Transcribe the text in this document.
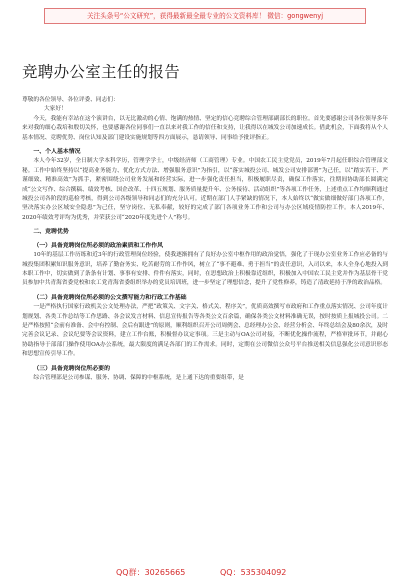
关注头条号“公文研究”，获得最新最全最专业的公文资料库！ 微信：gongwenyj
竞聘办公室主任的报告

尊敬的各位领导、各位评委、同志们：

大家好！

今天，我能有幸站在这个演讲台，以无比激动的心情、饱满的热情、坚定的信心竞聘综合管理部副部长的职位。首先要感谢公司各位领导多年来对我的细心栽培和殷切关怀，也要感谢各位同事们一直以来对我工作的信任和支持，让我得以在城发公司加速成长。借此机会，下面我将从个人基本情况、竞聘优势、岗位认知及部门建设实施规划等四方面展示，恳请领导、同事给予批评指正。

一、个人基本情况

本人今年32岁，全日制大学本科学历，管理学学士，中级经济师（工商管理）专业。中国农工民主党党员，2019年7月起任职综合管理部文秘。工作中始终坚持以“提高业务能力、优化方式方法、增强服务意识”为指引，以“落实城投公司、城发公司安排部署”为己任，以“踏实苦干、严谨细致、精准高效”为抓手，紧密围绕公司业务发展和经营实际，进一步强化责任担当，积极履职尽责，确保工作落实，往期间协助部长圆满完成“公文写作、综合撰稿、绩效考核、国企改革、十四五规划、服务质量提升年、公务接待、活动组织”等各项工作任务，上述重点工作均顺利通过城投公司各阶段的巡检考核，得到公司各级领导和同志们的充分认可。近期在部门人手紧缺的情况下，本人始终以“做实做细做好部门各项工作，坚决落实办公区域安全隐患”为己任，坚守岗位、无私奉献，较好的完成了部门各项业务工作和公司与办公区域疫情防控工作。本人2019年、2020年绩效考评均为优秀，并荣获公司“2020年度先进个人”称号。

二、竞聘优势
（一）具备竞聘岗位所必须的政治素质和工作作风

10年的基层工作历练和近3年的行政管理岗位经验，使我逐渐拥有了良好办公室中枢作用的政治觉悟，强化了于现办公室业务工作应必备的与城投集团积累知识服务意识，培养了勤奋务实、吃苦耐劳的工作作风，树立了“事不避难、勇于担当”的责任意识，入司以来，本人全身心地投入到本职工作中，切实做到了条条有计划、事事有安排、件件有落实，同时，在思想政治上积极靠近组织，积极加入中国农工民主党并作为基层骨干党员参加中共青海省委党校和农工党青海省委组织举办的党员培训班，进一步坚定了理想信念，提升了党性修养，铸造了清政延持于净的政治品格。

（二）具备竞聘岗位所必须的公文撰写能力和行政工作基础

一是严格执行国家行政机关公文处理办法，严把“政策关、文字关、格式关、程序关”，优质高效撰写市政府和工作重点落实情况、公司年度计划规划、各类工作总结等工作思路、各会议发言材料、信息宣传报告等各类公文百余篇，确保各类公文材料准确无误，按时按质上报城投公司。二是严格按照“会前有准备、会中有控制、会后有跟进”的原则，顺利组织召开公司周例会、总经理办公会、经营分析会、年终总结会及80余次，及时完善会议记录、会议纪要等会议资料，建立工作台账，积极督办议定事项。三是主动与OA公司对接，不断优化操作流程，严格审批环节，并耐心协助指导于部部门操作使用OA办公系统，最大限度的满足各部门的工作需求。同时，定期在公司微信公众号平台推送相关信息强化公司意识形态和思想宣传引导工作。

（三）具备竞聘岗位所必要的

综合管理部是公司参谋、服务、协调、保障的中枢系统，是上通下达的重要组带，是

QQ群：30265665	QQ：535304092
